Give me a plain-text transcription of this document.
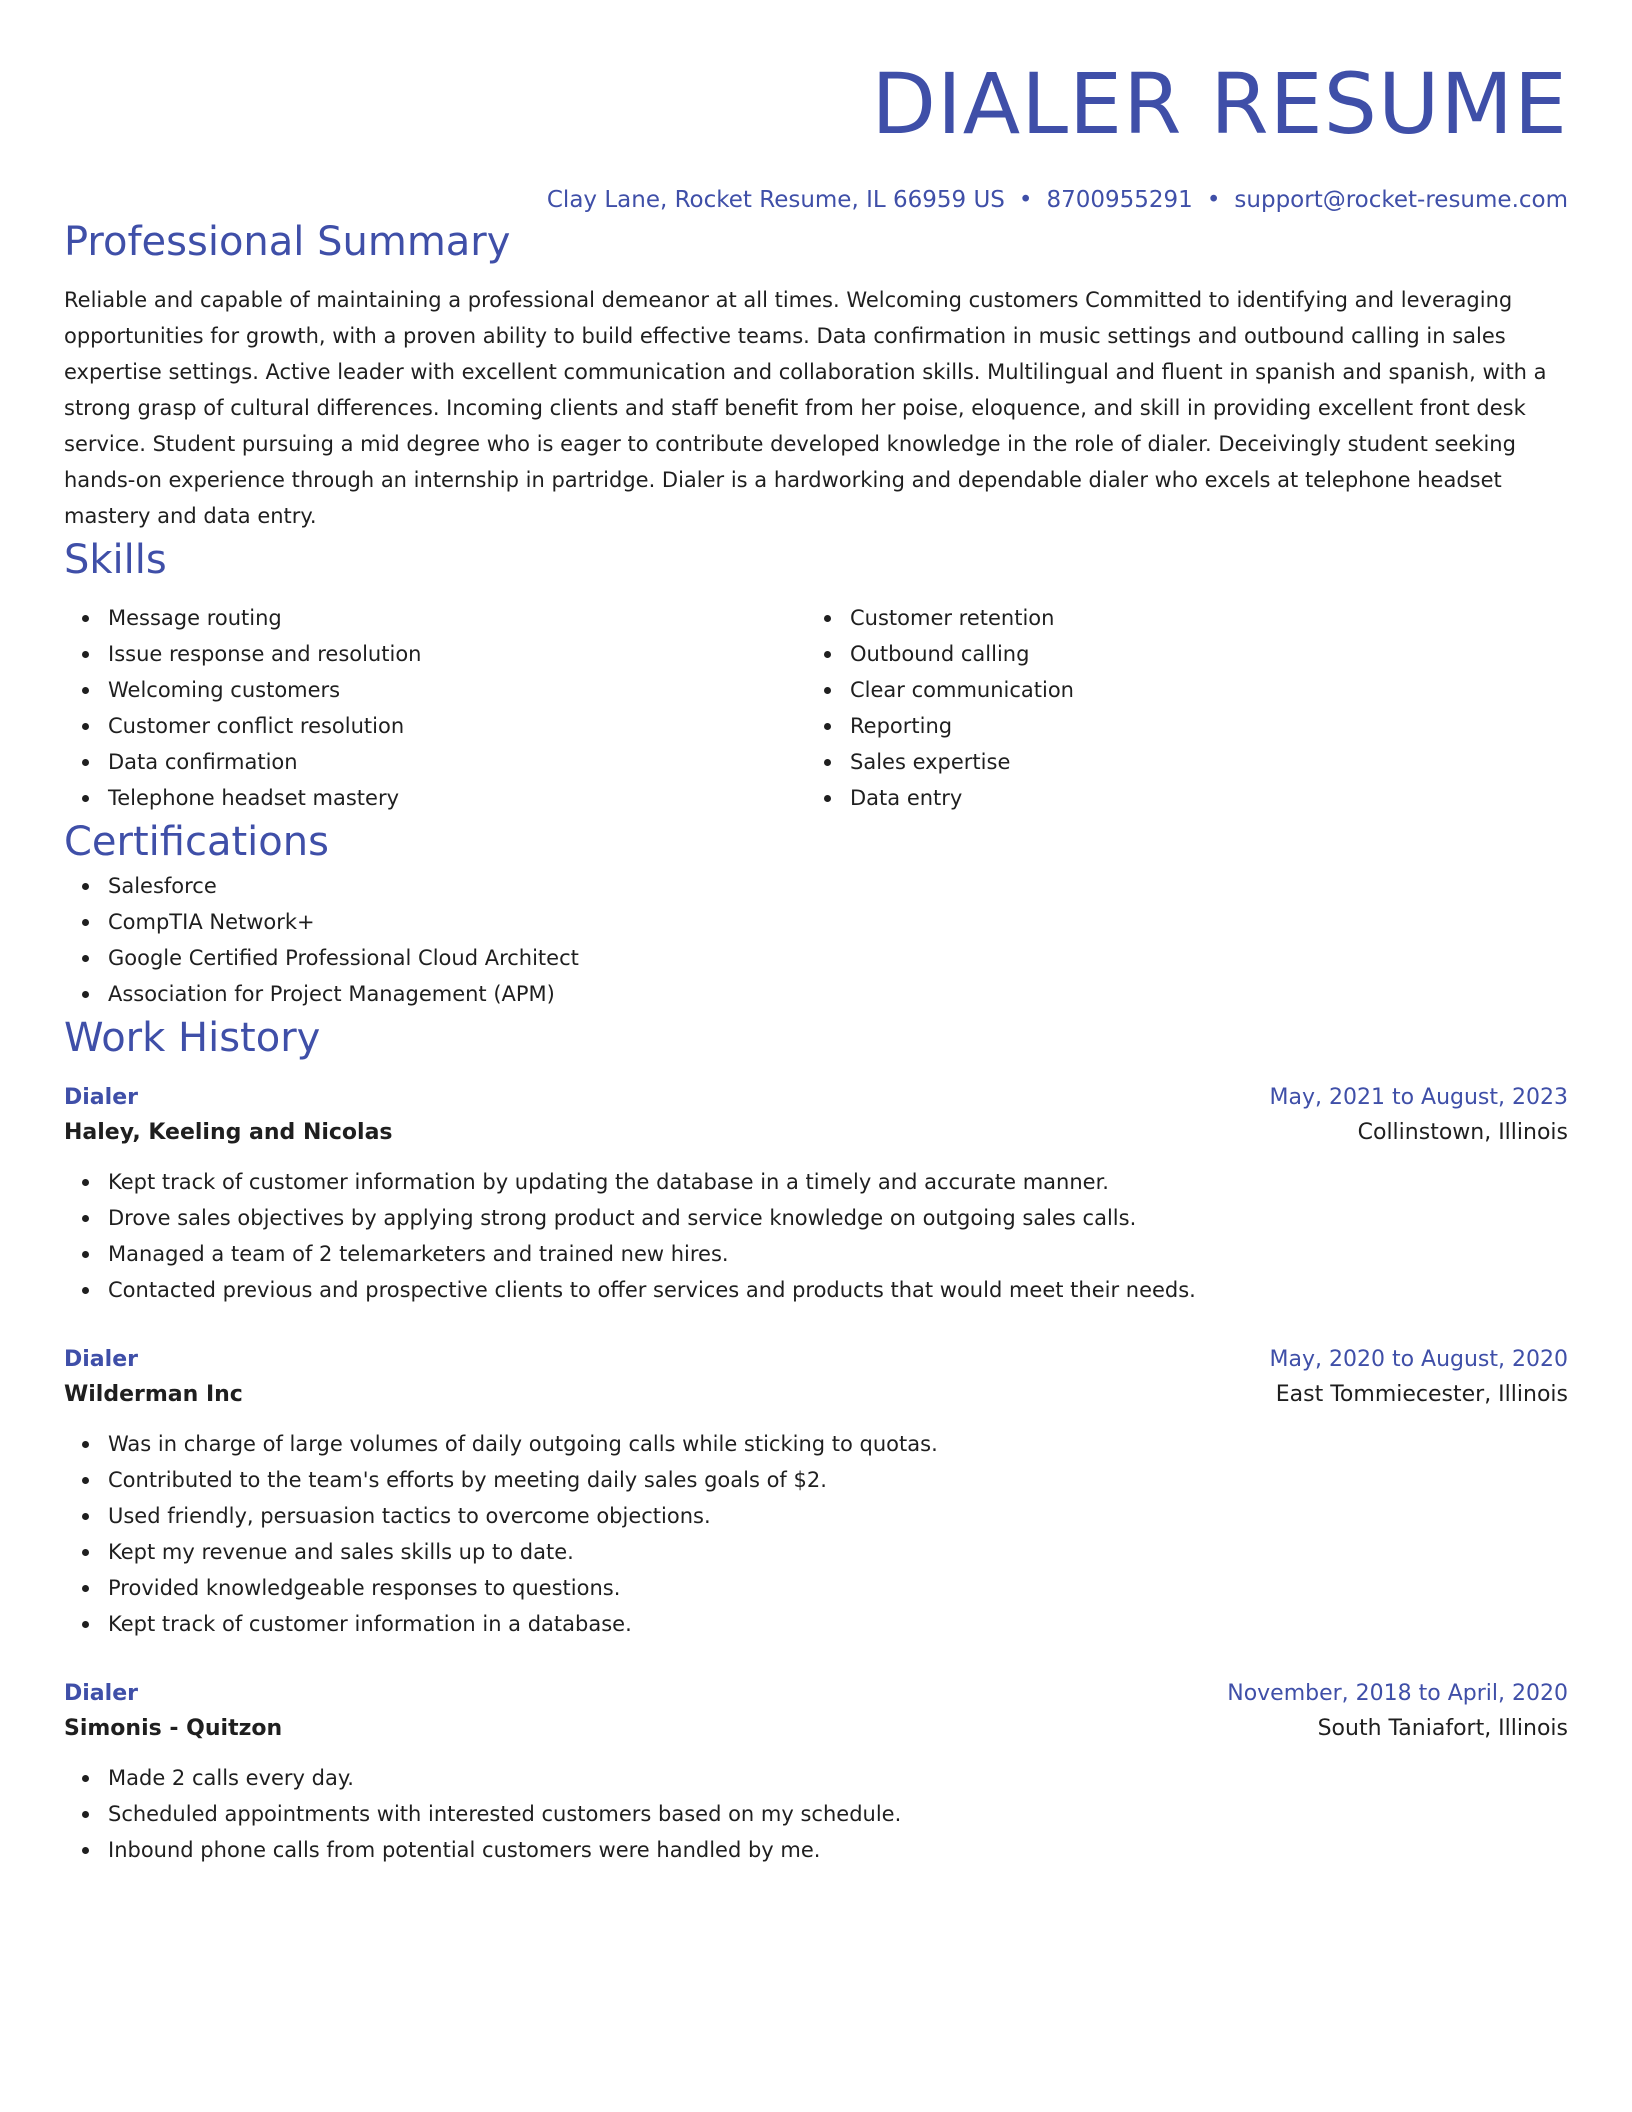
DIALER RESUME
Clay Lane, Rocket Resume, IL 66959 US • 8700955291 • support@rocket-resume.com
Professional Summary

Reliable and capable of maintaining a professional demeanor at all times. Welcoming customers Committed to identifying and leveraging opportunities for growth, with a proven ability to build effective teams. Data confirmation in music settings and outbound calling in sales expertise settings. Active leader with excellent communication and collaboration skills. Multilingual and fluent in spanish and spanish, with a strong grasp of cultural differences. Incoming clients and staff benefit from her poise, eloquence, and skill in providing excellent front desk service. Student pursuing a mid degree who is eager to contribute developed knowledge in the role of dialer. Deceivingly student seeking hands-on experience through an internship in partridge. Dialer is a hardworking and dependable dialer who excels at telephone headset mastery and data entry.

Skills
Message routing
Issue response and resolution
Welcoming customers
Customer conflict resolution
Data confirmation
Telephone headset mastery
Customer retention
Outbound calling
Clear communication
Reporting
Sales expertise
Data entry
Certifications
Salesforce
CompTIA Network+
Google Certified Professional Cloud Architect
Association for Project Management (APM)
Work History
Dialer	May, 2021 to August, 2023
Haley, Keeling and Nicolas	Collinstown, Illinois
Kept track of customer information by updating the database in a timely and accurate manner.
Drove sales objectives by applying strong product and service knowledge on outgoing sales calls.
Managed a team of 2 telemarketers and trained new hires.
Contacted previous and prospective clients to offer services and products that would meet their needs.
Dialer	May, 2020 to August, 2020
Wilderman Inc	East Tommiecester, Illinois
Was in charge of large volumes of daily outgoing calls while sticking to quotas.
Contributed to the team's efforts by meeting daily sales goals of $2.
Used friendly, persuasion tactics to overcome objections.
Kept my revenue and sales skills up to date.
Provided knowledgeable responses to questions.
Kept track of customer information in a database.
Dialer	November, 2018 to April, 2020
Simonis - Quitzon	South Taniafort, Illinois
Made 2 calls every day.
Scheduled appointments with interested customers based on my schedule.
Inbound phone calls from potential customers were handled by me.
